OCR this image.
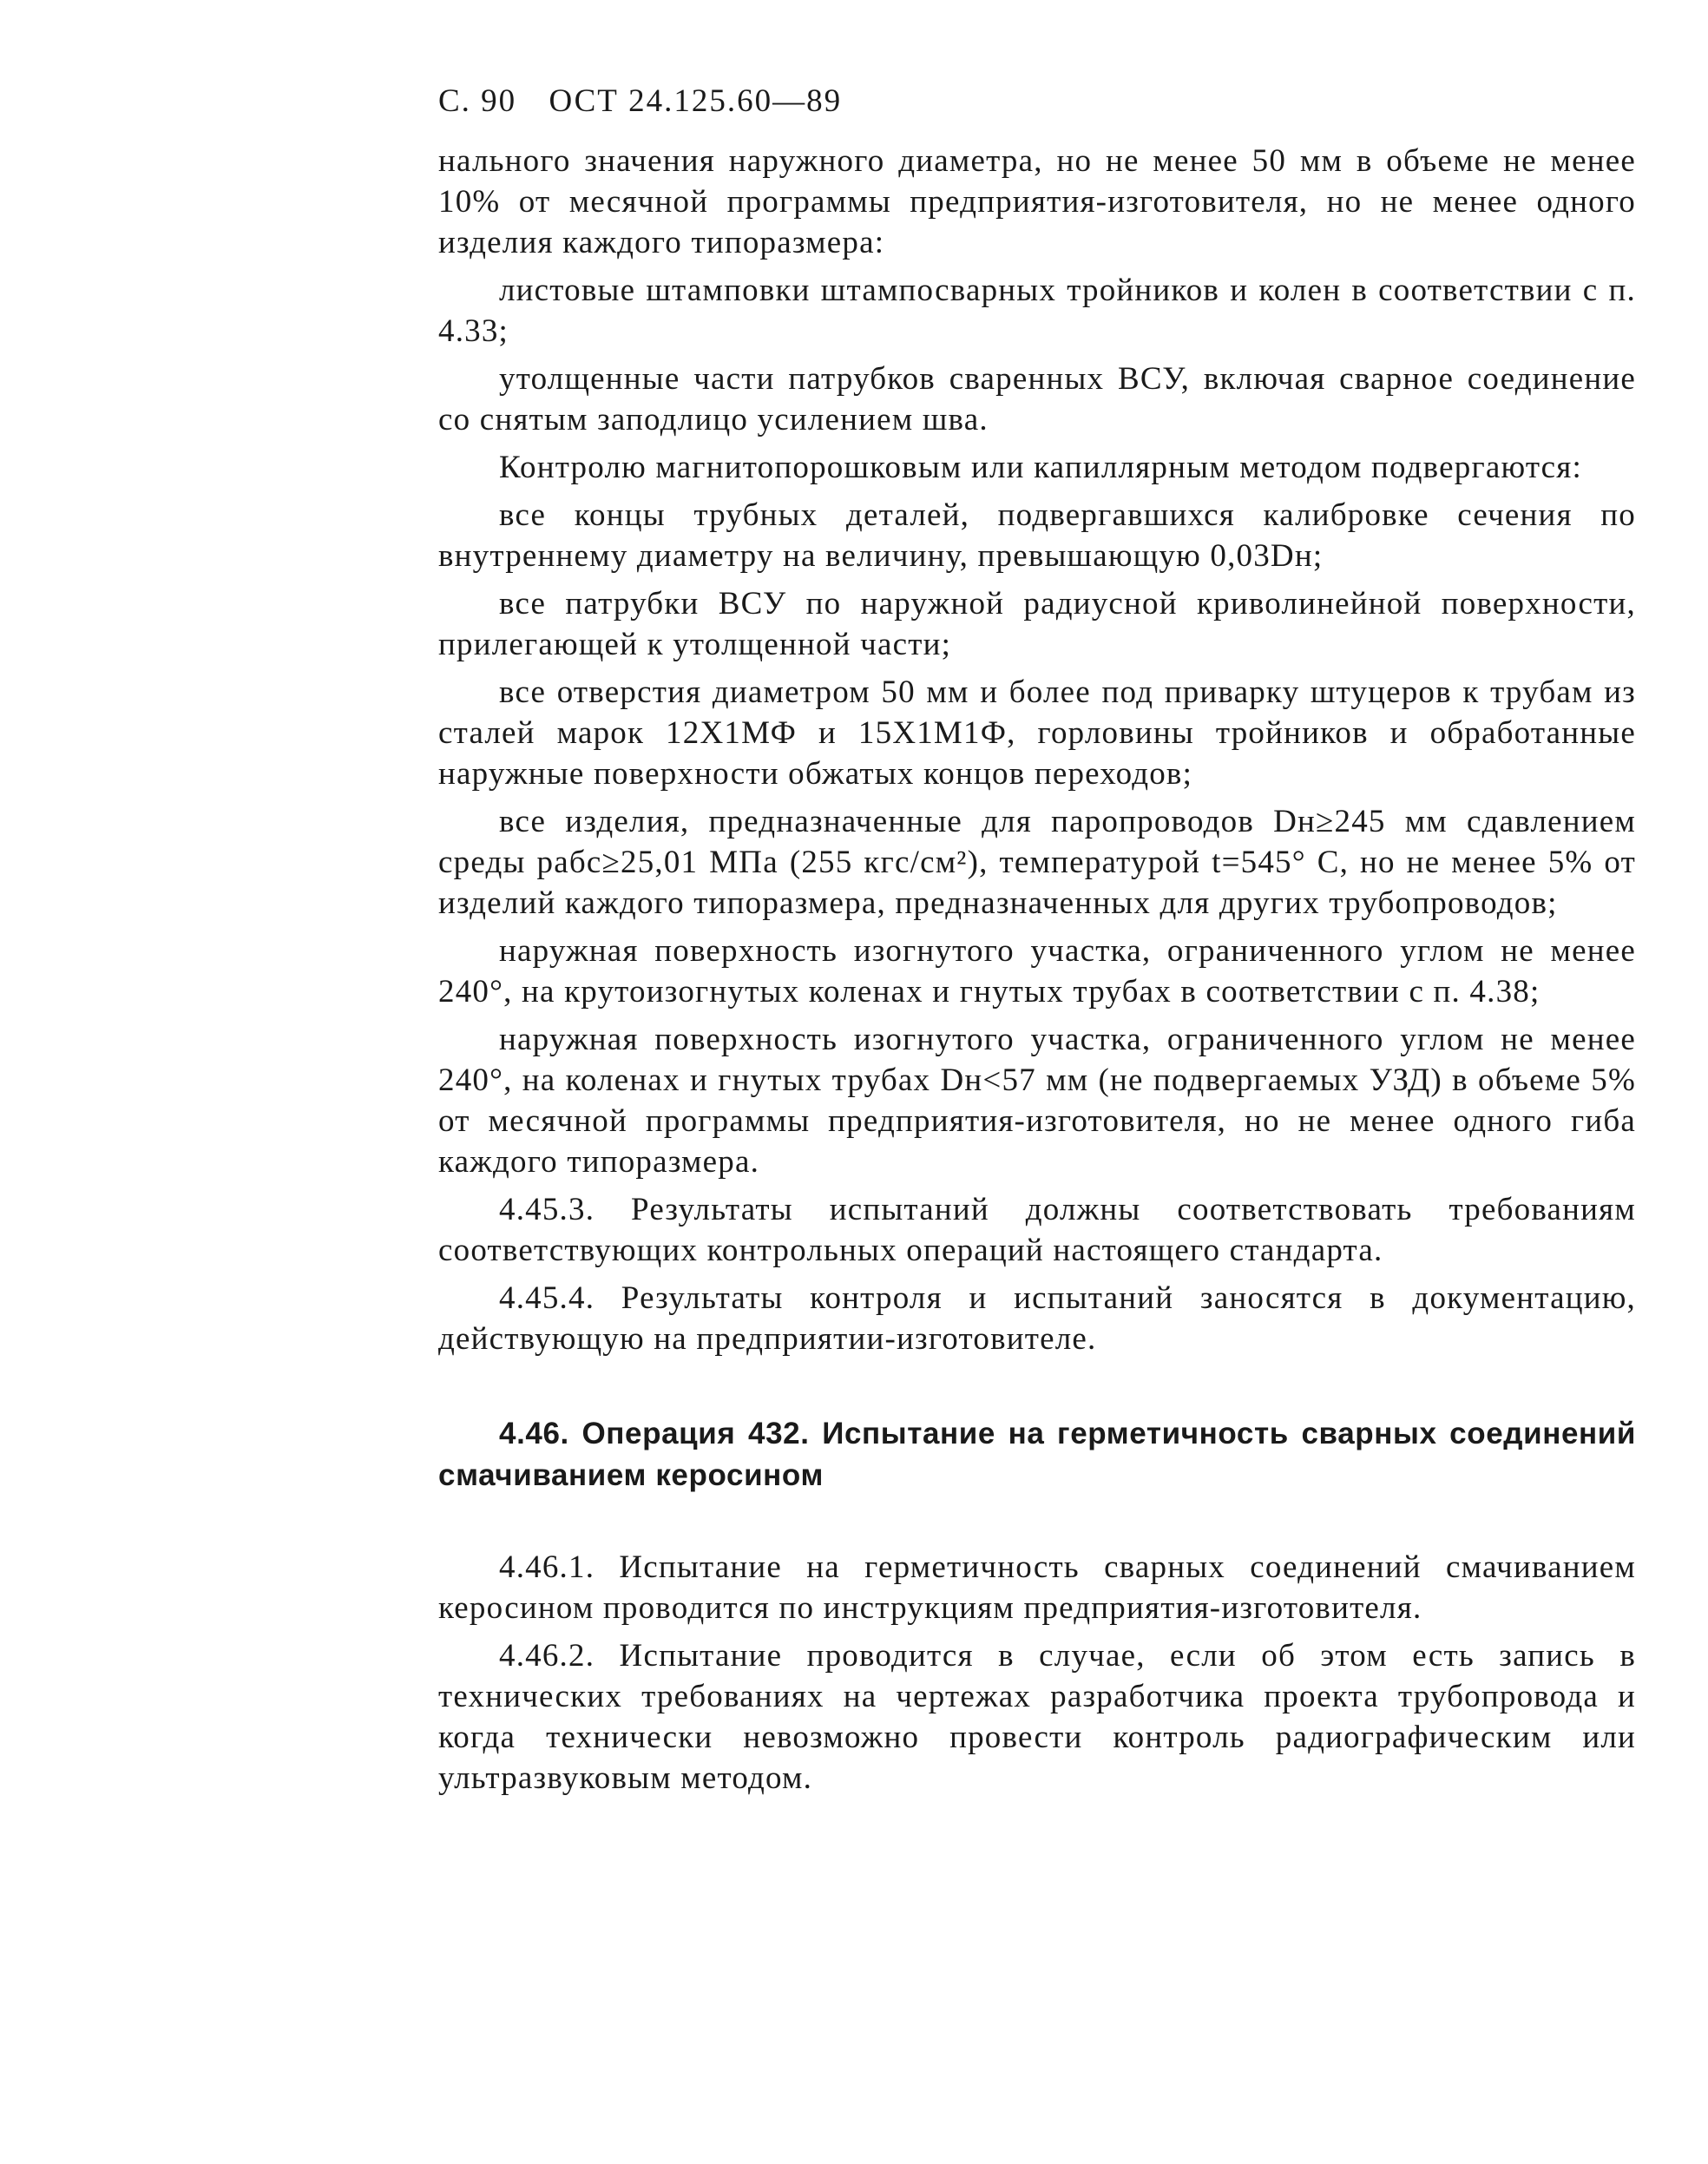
С. 90 ОСТ 24.125.60—89

нального значения наружного диаметра, но не менее 50 мм в объеме не менее 10% от месячной программы предприятия-изготовителя, но не менее одного изделия каждого типоразмера:

листовые штамповки штампосварных тройников и колен в соответствии с п. 4.33;

утолщенные части патрубков сваренных ВСУ, включая сварное соединение со снятым заподлицо усилением шва.

Контролю магнитопорошковым или капиллярным методом подвергаются:

все концы трубных деталей, подвергавшихся калибровке сечения по внутреннему диаметру на величину, превышающую 0,03Dн;

все патрубки ВСУ по наружной радиусной криволинейной поверхности, прилегающей к утолщенной части;

все отверстия диаметром 50 мм и более под приварку штуцеров к трубам из сталей марок 12Х1МФ и 15Х1М1Ф, горловины тройников и обработанные наружные поверхности обжатых концов переходов;

все изделия, предназначенные для паропроводов Dн≥245 мм сдавлением среды pабс≥25,01 МПа (255 кгс/см²), температурой t=545° С, но не менее 5% от изделий каждого типоразмера, предназначенных для других трубопроводов;

наружная поверхность изогнутого участка, ограниченного углом не менее 240°, на крутоизогнутых коленах и гнутых трубах в соответствии с п. 4.38;

наружная поверхность изогнутого участка, ограниченного углом не менее 240°, на коленах и гнутых трубах Dн<57 мм (не подвергаемых УЗД) в объеме 5% от месячной программы предприятия-изготовителя, но не менее одного гиба каждого типоразмера.

4.45.3. Результаты испытаний должны соответствовать требованиям соответствующих контрольных операций настоящего стандарта.

4.45.4. Результаты контроля и испытаний заносятся в документацию, действующую на предприятии-изготовителе.

4.46. Операция 432. Испытание на герметичность сварных соединений смачиванием керосином

4.46.1. Испытание на герметичность сварных соединений смачиванием керосином проводится по инструкциям предприятия-изготовителя.

4.46.2. Испытание проводится в случае, если об этом есть запись в технических требованиях на чертежах разработчика проекта трубопровода и когда технически невозможно провести контроль радиографическим или ультразвуковым методом.
